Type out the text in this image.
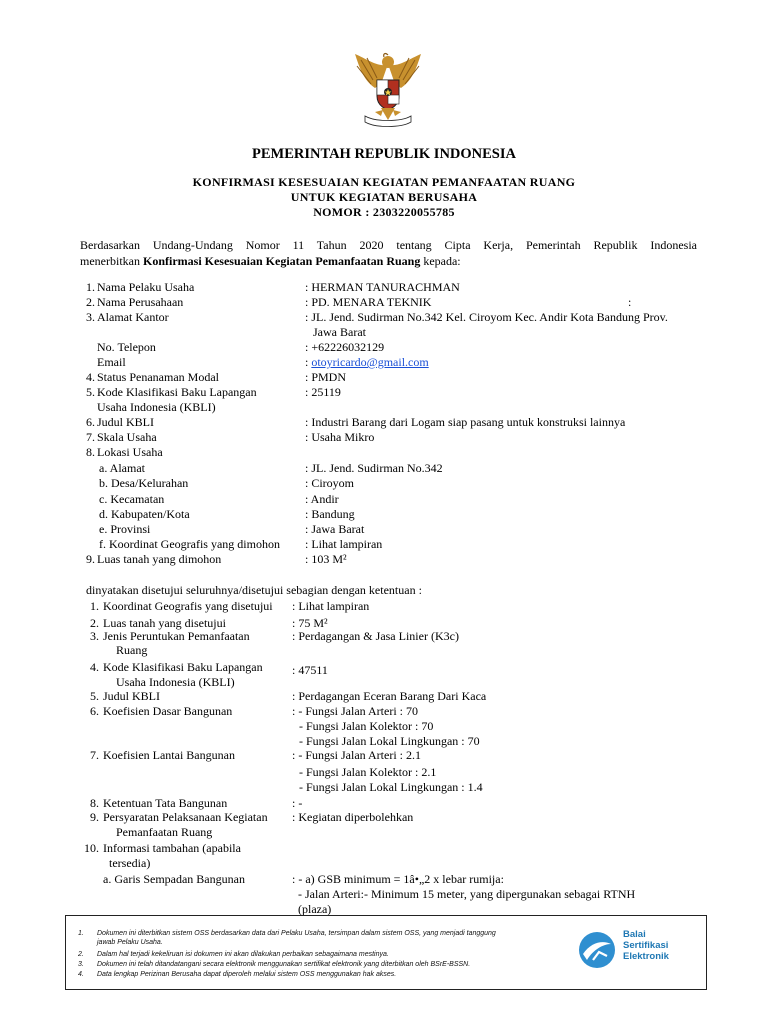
PEMERINTAH REPUBLIK INDONESIA
KONFIRMASI KESESUAIAN KEGIATAN PEMANFAATAN RUANG
UNTUK KEGIATAN BERUSAHA
NOMOR : 2303220055785
Berdasarkan Undang-Undang Nomor 11 Tahun 2020 tentang Cipta Kerja, Pemerintah Republik Indonesia
menerbitkan Konfirmasi Kesesuaian Kegiatan Pemanfaatan Ruang kepada:
1. Nama Pelaku Usaha	: HERMAN TANURACHMAN
2. Nama Perusahaan	: PD. MENARA TEKNIK	:
3. Alamat Kantor	: JL. Jend. Sudirman No.342 Kel. Ciroyom Kec. Andir Kota Bandung Prov.
Jawa Barat
No. Telepon	: +62226032129
Email	: otoyricardo@gmail.com
4. Status Penanaman Modal	: PMDN
5. Kode Klasifikasi Baku Lapangan
Usaha Indonesia (KBLI)
: 25119
6. Judul KBLI	: Industri Barang dari Logam siap pasang untuk konstruksi lainnya
7. Skala Usaha	: Usaha Mikro
8. Lokasi Usaha
a. Alamat	: JL. Jend. Sudirman No.342
b. Desa/Kelurahan	: Ciroyom
c. Kecamatan	: Andir
d. Kabupaten/Kota	: Bandung
e. Provinsi	: Jawa Barat
f. Koordinat Geografis yang dimohon : Lihat lampiran
9. Luas tanah yang dimohon	: 103 M²
dinyatakan disetujui seluruhnya/disetujui sebagian dengan ketentuan :
1. Koordinat Geografis yang disetujui : Lihat lampiran
2. Luas tanah yang disetujui	: 75 M²
3. Jenis Peruntukan Pemanfaatan
Ruang
: Perdagangan & Jasa Linier (K3c)
4. Kode Klasifikasi Baku Lapangan
Usaha Indonesia (KBLI)
: 47511
5. Judul KBLI	: Perdagangan Eceran Barang Dari Kaca
6. Koefisien Dasar Bangunan	: - Fungsi Jalan Arteri : 70
- Fungsi Jalan Kolektor : 70
- Fungsi Jalan Lokal Lingkungan : 70
7. Koefisien Lantai Bangunan	: - Fungsi Jalan Arteri : 2.1
- Fungsi Jalan Kolektor : 2.1
- Fungsi Jalan Lokal Lingkungan : 1.4
8. Ketentuan Tata Bangunan	: -
9. Persyaratan Pelaksanaan Kegiatan
Pemanfaatan Ruang
: Kegiatan diperbolehkan
10. Informasi tambahan (apabila
tersedia)
a. Garis Sempadan Bangunan	: - a) GSB minimum = 1â•„2 x lebar rumija:
- Jalan Arteri:- Minimum 15 meter, yang dipergunakan sebagai RTNH
(plaza)
1. Dokumen ini diterbitkan sistem OSS berdasarkan data dari Pelaku Usaha, tersimpan dalam sistem OSS, yang menjadi tanggung
jawab Pelaku Usaha.
2. Dalam hal terjadi kekeliruan isi dokumen ini akan dilakukan perbaikan sebagaimana mestinya.
3. Dokumen ini telah ditandatangani secara elektronik menggunakan sertifikat elektronik yang diterbitkan oleh BSrE-BSSN.
4. Data lengkap Perizinan Berusaha dapat diperoleh melalui sistem OSS menggunakan hak akses.
Balai
Sertifikasi
Elektronik
